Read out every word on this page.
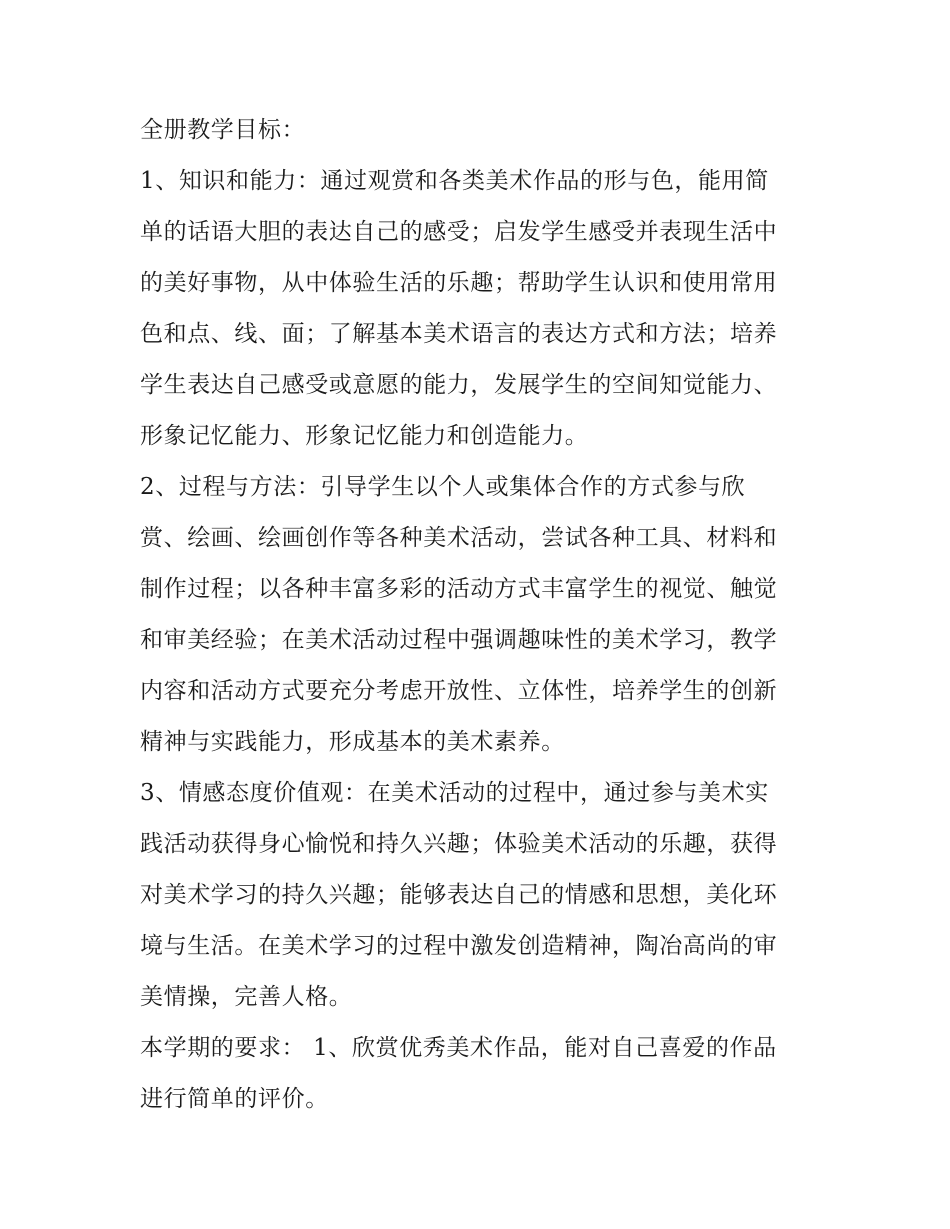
全册教学目标：
1、知识和能力：通过观赏和各类美术作品的形与色，能用简
单的话语大胆的表达自己的感受；启发学生感受并表现生活中
的美好事物，从中体验生活的乐趣；帮助学生认识和使用常用
色和点、线、面；了解基本美术语言的表达方式和方法；培养
学生表达自己感受或意愿的能力，发展学生的空间知觉能力、
形象记忆能力、形象记忆能力和创造能力。
2、过程与方法：引导学生以个人或集体合作的方式参与欣
赏、绘画、绘画创作等各种美术活动，尝试各种工具、材料和
制作过程；以各种丰富多彩的活动方式丰富学生的视觉、触觉
和审美经验；在美术活动过程中强调趣味性的美术学习，教学
内容和活动方式要充分考虑开放性、立体性，培养学生的创新
精神与实践能力，形成基本的美术素养。
3、情感态度价值观：在美术活动的过程中，通过参与美术实
践活动获得身心愉悦和持久兴趣；体验美术活动的乐趣，获得
对美术学习的持久兴趣；能够表达自己的情感和思想，美化环
境与生活。在美术学习的过程中激发创造精神，陶冶高尚的审
美情操，完善人格。
本学期的要求： 1、欣赏优秀美术作品，能对自己喜爱的作品
进行简单的评价。
